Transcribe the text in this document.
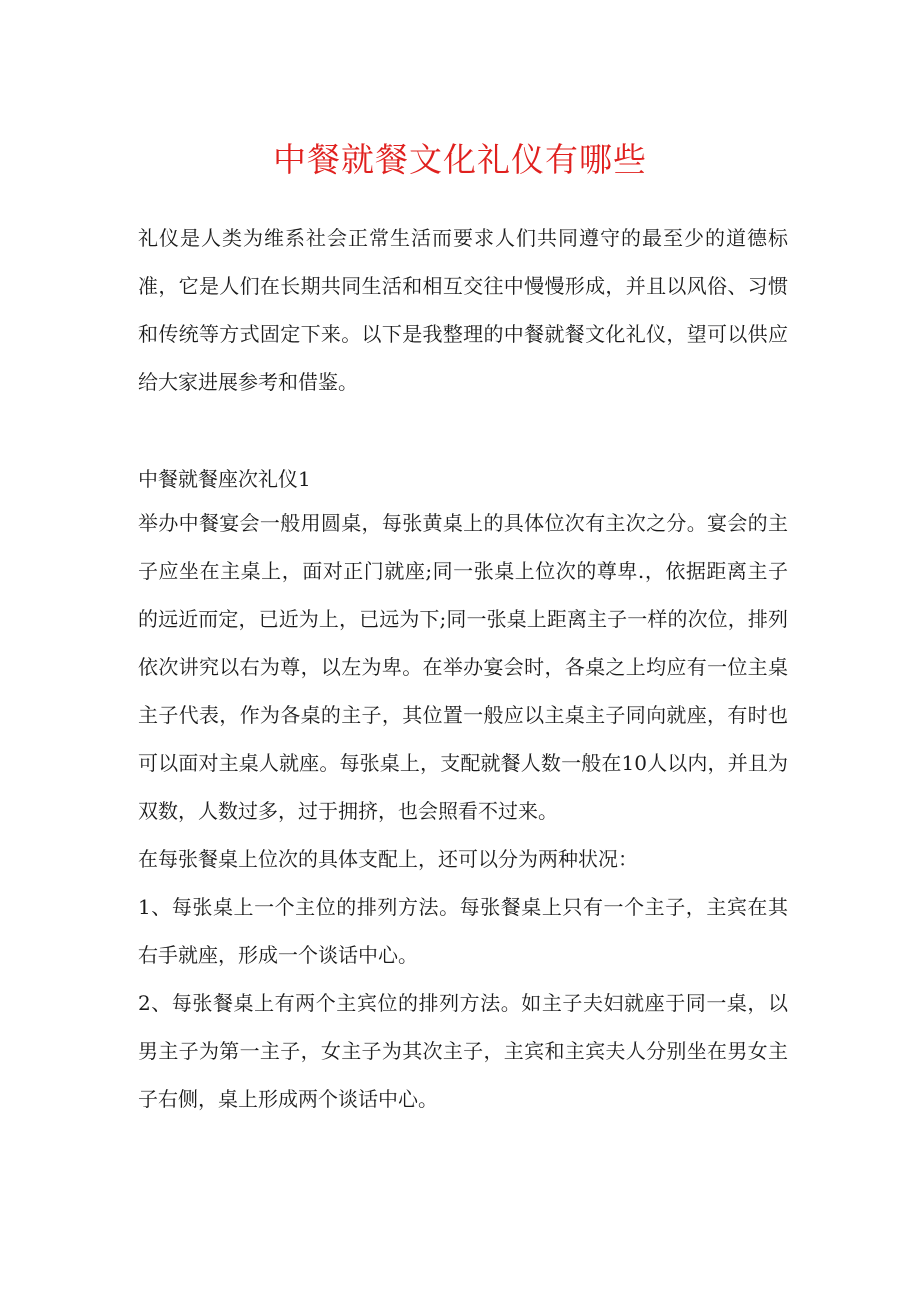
中餐就餐文化礼仪有哪些

礼仪是人类为维系社会正常生活而要求人们共同遵守的最至少的道德标准，它是人们在长期共同生活和相互交往中慢慢形成，并且以风俗、习惯和传统等方式固定下来。以下是我整理的中餐就餐文化礼仪，望可以供应给大家进展参考和借鉴。

中餐就餐座次礼仪1

举办中餐宴会一般用圆桌，每张黄桌上的具体位次有主次之分。宴会的主子应坐在主桌上，面对正门就座;同一张桌上位次的尊卑.，依据距离主子的远近而定，已近为上，已远为下;同一张桌上距离主子一样的次位，排列依次讲究以右为尊，以左为卑。在举办宴会时，各桌之上均应有一位主桌主子代表，作为各桌的主子，其位置一般应以主桌主子同向就座，有时也可以面对主桌人就座。每张桌上，支配就餐人数一般在10人以内，并且为双数，人数过多，过于拥挤，也会照看不过来。

在每张餐桌上位次的具体支配上，还可以分为两种状况：

1、每张桌上一个主位的排列方法。每张餐桌上只有一个主子，主宾在其右手就座，形成一个谈话中心。

2、每张餐桌上有两个主宾位的排列方法。如主子夫妇就座于同一桌，以男主子为第一主子，女主子为其次主子，主宾和主宾夫人分别坐在男女主子右侧，桌上形成两个谈话中心。
